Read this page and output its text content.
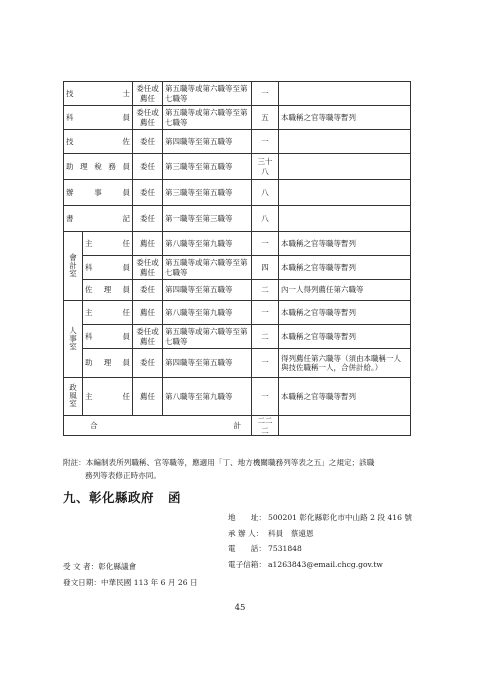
技 士		委任或薦任	第五職等或第六職等至第七職等	一	

科 員		委任或薦任	第五職等或第六職等至第七職等	五	本職稱之官等職等暫列

技 佐		委任	第四職等至第五職等	一	

助 理 稅 務 員		委任	第三職等至第五職等	三十八	

辦 事 員		委任	第三職等至第五職等	八	

書 記		委任	第一職等至第三職等	八	
會計室	主 任	薦任	第八職等至第九職等	一	本職稱之官等職等暫列

	科 員	委任或薦任	第五職等或第六職等至第七職等	四	本職稱之官等職等暫列

	佐 理 員	委任	第四職等至第五職等	二	內一人得列薦任第六職等
人事室	主 任	薦任	第八職等至第九職等	一	本職稱之官等職等暫列

	科 員	委任或薦任	第五職等或第六職等至第七職等	二	本職稱之官等職等暫列

	助 理 員	委任	第四職等至第五職等	一	得列薦任第六職等（須由本職稱一人與技佐職稱一人，合併計給。）
政風室	主 任	薦任	第八職等至第九職等	一	本職稱之官等職等暫列

合 計				二二二	
附註：本編制表所列職稱、官等職等，應適用「丁、地方機關職務列等表之五」之規定；該職
務列等表修正時亦同。
九、彰化縣政府 函
地　　址： 500201 彰化縣彰化市中山路 2 段 416 號
承 辦 人： 科員　蔡遠恩
電　　話： 7531848
電子信箱： a1263843@email.chcg.gov.tw
受 文 者：彰化縣議會
發文日期：中華民國 113 年 6 月 26 日
45
